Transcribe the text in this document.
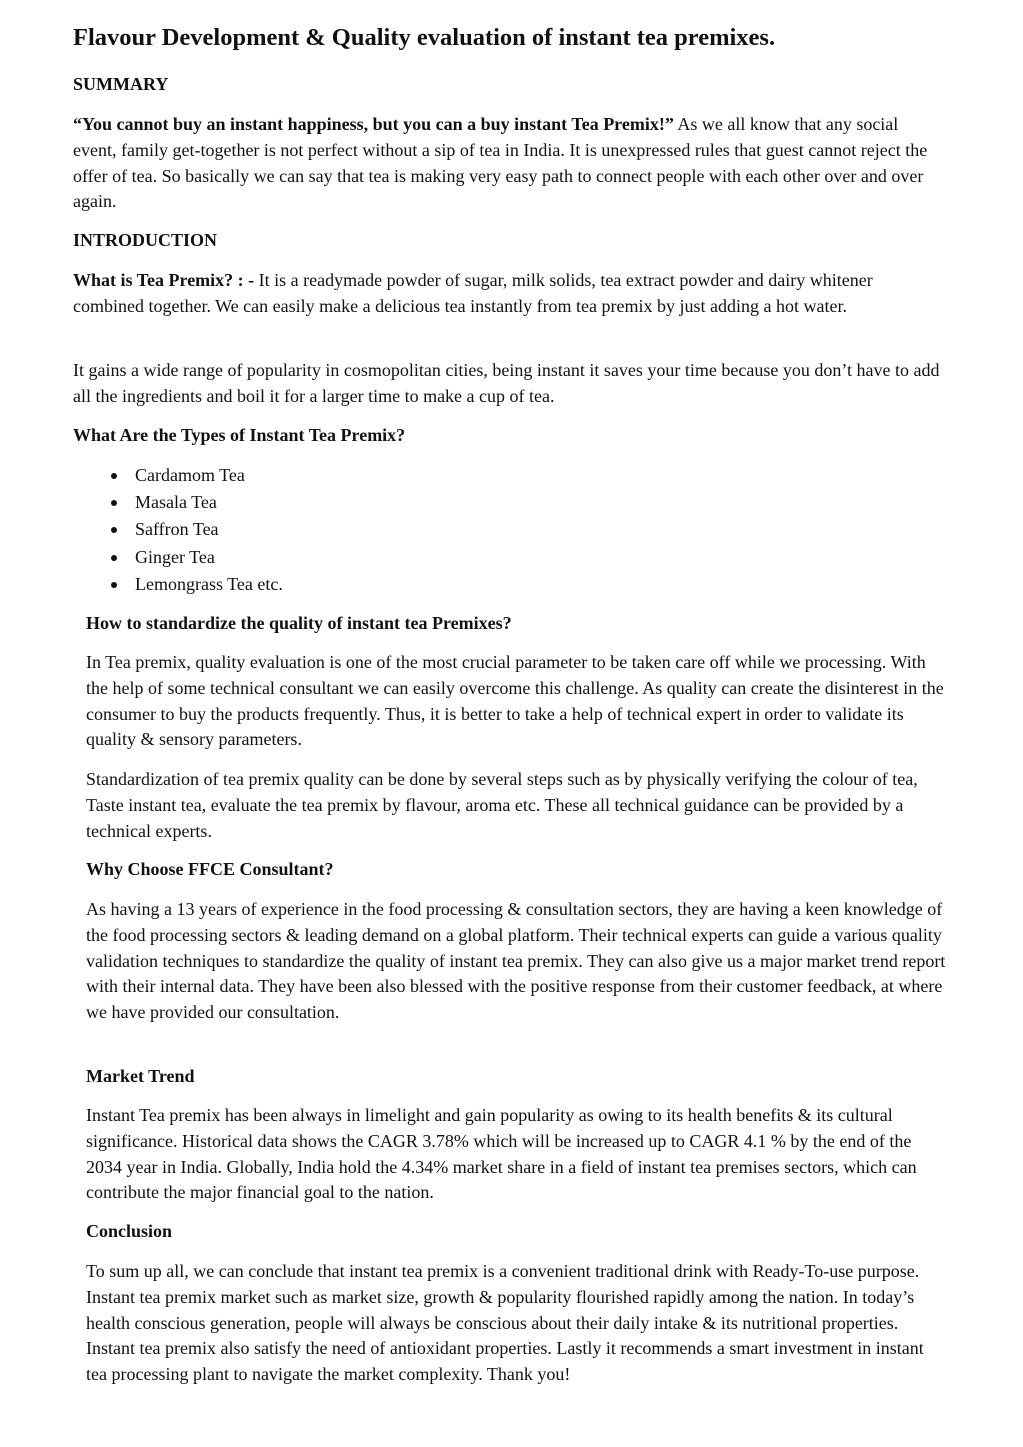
Flavour Development & Quality evaluation of instant tea premixes.
SUMMARY

“You cannot buy an instant happiness, but you can a buy instant Tea Premix!” As we all know that any social event, family get-together is not perfect without a sip of tea in India. It is unexpressed rules that guest cannot reject the offer of tea. So basically we can say that tea is making very easy path to connect people with each other over and over again.

INTRODUCTION

What is Tea Premix? : - It is a readymade powder of sugar, milk solids, tea extract powder and dairy whitener combined together. We can easily make a delicious tea instantly from tea premix by just adding a hot water.

It gains a wide range of popularity in cosmopolitan cities, being instant it saves your time because you don’t have to add all the ingredients and boil it for a larger time to make a cup of tea.

What Are the Types of Instant Tea Premix?
Cardamom Tea
Masala Tea
Saffron Tea
Ginger Tea
Lemongrass Tea etc.
How to standardize the quality of instant tea Premixes?

In Tea premix, quality evaluation is one of the most crucial parameter to be taken care off while we processing. With the help of some technical consultant we can easily overcome this challenge. As quality can create the disinterest in the consumer to buy the products frequently. Thus, it is better to take a help of technical expert in order to validate its quality & sensory parameters.

Standardization of tea premix quality can be done by several steps such as by physically verifying the colour of tea, Taste instant tea, evaluate the tea premix by flavour, aroma etc. These all technical guidance can be provided by a technical experts.

Why Choose FFCE Consultant?

As having a 13 years of experience in the food processing & consultation sectors, they are having a keen knowledge of the food processing sectors & leading demand on a global platform. Their technical experts can guide a various quality validation techniques to standardize the quality of instant tea premix. They can also give us a major market trend report with their internal data. They have been also blessed with the positive response from their customer feedback, at where we have provided our consultation.

Market Trend

Instant Tea premix has been always in limelight and gain popularity as owing to its health benefits & its cultural significance. Historical data shows the CAGR 3.78% which will be increased up to CAGR 4.1 % by the end of the 2034 year in India. Globally, India hold the 4.34% market share in a field of instant tea premises sectors, which can contribute the major financial goal to the nation.

Conclusion

To sum up all, we can conclude that instant tea premix is a convenient traditional drink with Ready-To-use purpose. Instant tea premix market such as market size, growth & popularity flourished rapidly among the nation. In today’s health conscious generation, people will always be conscious about their daily intake & its nutritional properties. Instant tea premix also satisfy the need of antioxidant properties. Lastly it recommends a smart investment in instant tea processing plant to navigate the market complexity. Thank you!
